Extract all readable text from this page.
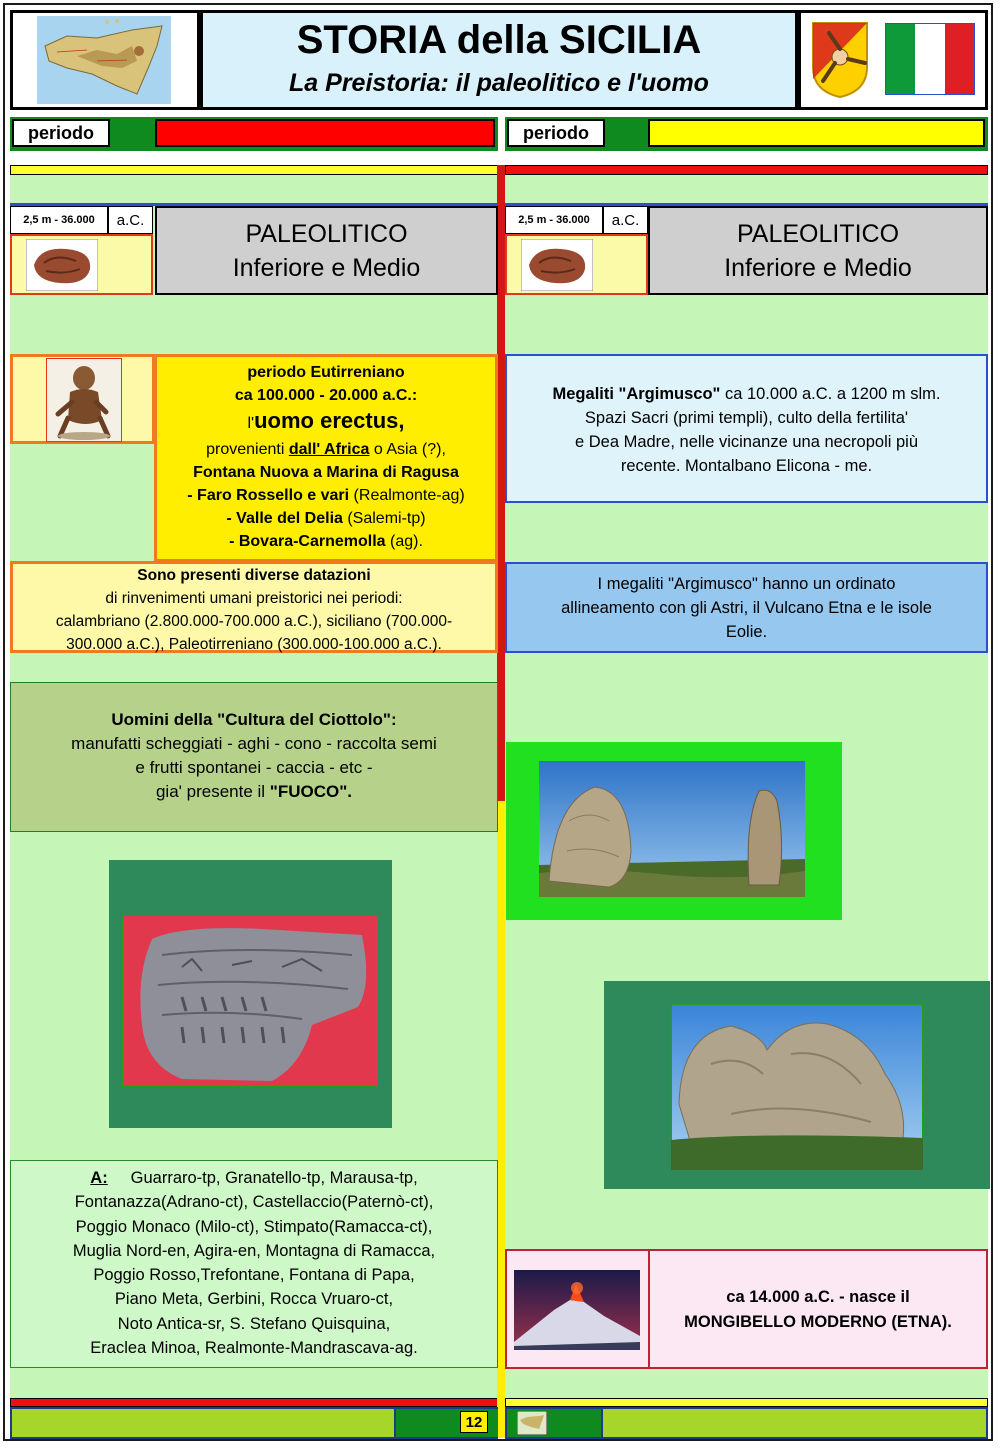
STORIA della SICILIA
La Preistoria: il paleolitico e l'uomo
periodo	periodo
2,5 m - 36.000	a.C.	PALEOLITICO
Inferiore e Medio
2,5 m - 36.000	a.C.	PALEOLITICO
Inferiore e Medio
periodo Eutirreniano
ca 100.000 - 20.000 a.C.:
l'uomo erectus,
provenienti dall' Africa o Asia (?),
Fontana Nuova a Marina di Ragusa
- Faro Rossello e vari (Realmonte-ag)
- Valle del Delia (Salemi-tp)
- Bovara-Carnemolla (ag).
Sono presenti diverse datazioni
di rinvenimenti umani preistorici nei periodi:
calambriano (2.800.000-700.000 a.C.), siciliano (700.000-
300.000 a.C.), Paleotirreniano (300.000-100.000 a.C.).
Uomini della "Cultura del Ciottolo":
manufatti scheggiati - aghi - cono - raccolta semi
e frutti spontanei - caccia - etc -
gia' presente il "FUOCO".
A: Guarraro-tp, Granatello-tp, Marausa-tp,
Fontanazza(Adrano-ct), Castellaccio(Paternò-ct),
Poggio Monaco (Milo-ct), Stimpato(Ramacca-ct),
Muglia Nord-en, Agira-en, Montagna di Ramacca,
Poggio Rosso,Trefontane, Fontana di Papa,
Piano Meta, Gerbini, Rocca Vruaro-ct,
Noto Antica-sr, S. Stefano Quisquina,
Eraclea Minoa, Realmonte-Mandrascava-ag.
Megaliti "Argimusco" ca 10.000 a.C. a 1200 m slm.
Spazi Sacri (primi templi), culto della fertilita'
e Dea Madre, nelle vicinanze una necropoli più
recente. Montalbano Elicona - me.
I megaliti "Argimusco" hanno un ordinato
allineamento con gli Astri, il Vulcano Etna e le isole
Eolie.
ca 14.000 a.C. - nasce il
MONGIBELLO MODERNO (ETNA).
12
